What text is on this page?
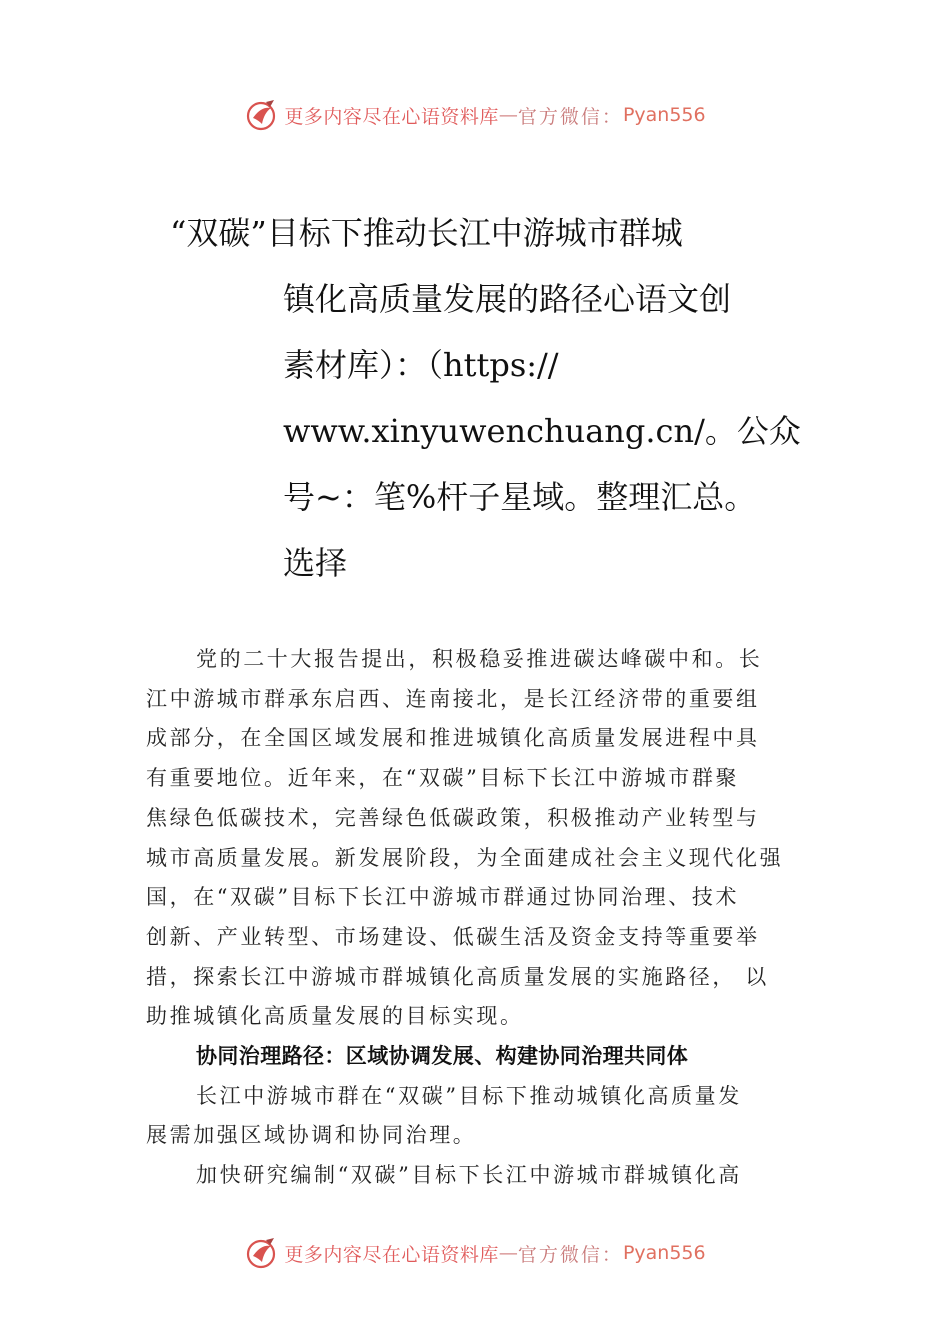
更多内容尽在心语资料库 — 官方微信： Pyan556
“双碳”目标下推动长江中游城市群城
镇化高质量发展的路径心语文创
素材库）：（https://
www.xinyuwenchuang.cn/。公众
号~：笔%杆子星域。整理汇总。
选择
党的二十大报告提出，积极稳妥推进碳达峰碳中和。长
江中游城市群承东启西、连南接北，是长江经济带的重要组
成部分，在全国区域发展和推进城镇化高质量发展进程中具
有重要地位。近年来，在“双碳”目标下长江中游城市群聚
焦绿色低碳技术，完善绿色低碳政策，积极推动产业转型与
城市高质量发展。新发展阶段，为全面建成社会主义现代化强
国，在“双碳”目标下长江中游城市群通过协同治理、技术
创新、产业转型、市场建设、低碳生活及资金支持等重要举
措，探索长江中游城市群城镇化高质量发展的实施路径， 以
助推城镇化高质量发展的目标实现。
协同治理路径：区域协调发展、构建协同治理共同体
长江中游城市群在“双碳”目标下推动城镇化高质量发
展需加强区域协调和协同治理。
加快研究编制“双碳”目标下长江中游城市群城镇化高
更多内容尽在心语资料库 — 官方微信： Pyan556
